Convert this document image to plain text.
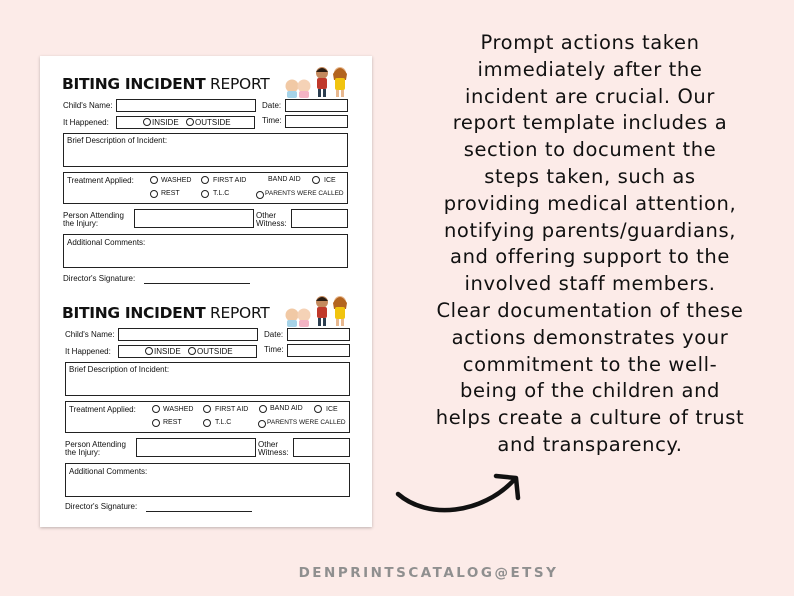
BITING INCIDENT REPORT
Child's Name:	Date:
It Happened:	INSIDE OUTSIDE	Time:
Brief Description of Incident:
Treatment Applied:	WASHED	FIRST AID	BAND AID	ICE
REST	T.L.C	PARENTS WERE CALLED
Person Attending
the Injury:
Other
Witness:
Additional Comments:
Director's Signature:
BITING INCIDENT REPORT
Child's Name:	Date:
It Happened:	INSIDE OUTSIDE	Time:
Brief Description of Incident:
Treatment Applied:	WASHED	FIRST AID	BAND AID	ICE
REST	T.L.C	PARENTS WERE CALLED
Person Attending
the Injury:
Other
Witness:
Additional Comments:
Director's Signature:
Prompt actions taken
immediately after the
incident are crucial. Our
report template includes a
section to document the
steps taken, such as
providing medical attention,
notifying parents/guardians,
and offering support to the
involved staff members.
Clear documentation of these
actions demonstrates your
commitment to the well-
being of the children and
helps create a culture of trust
and transparency.
DENPRINTSCATALOG@ETSY
